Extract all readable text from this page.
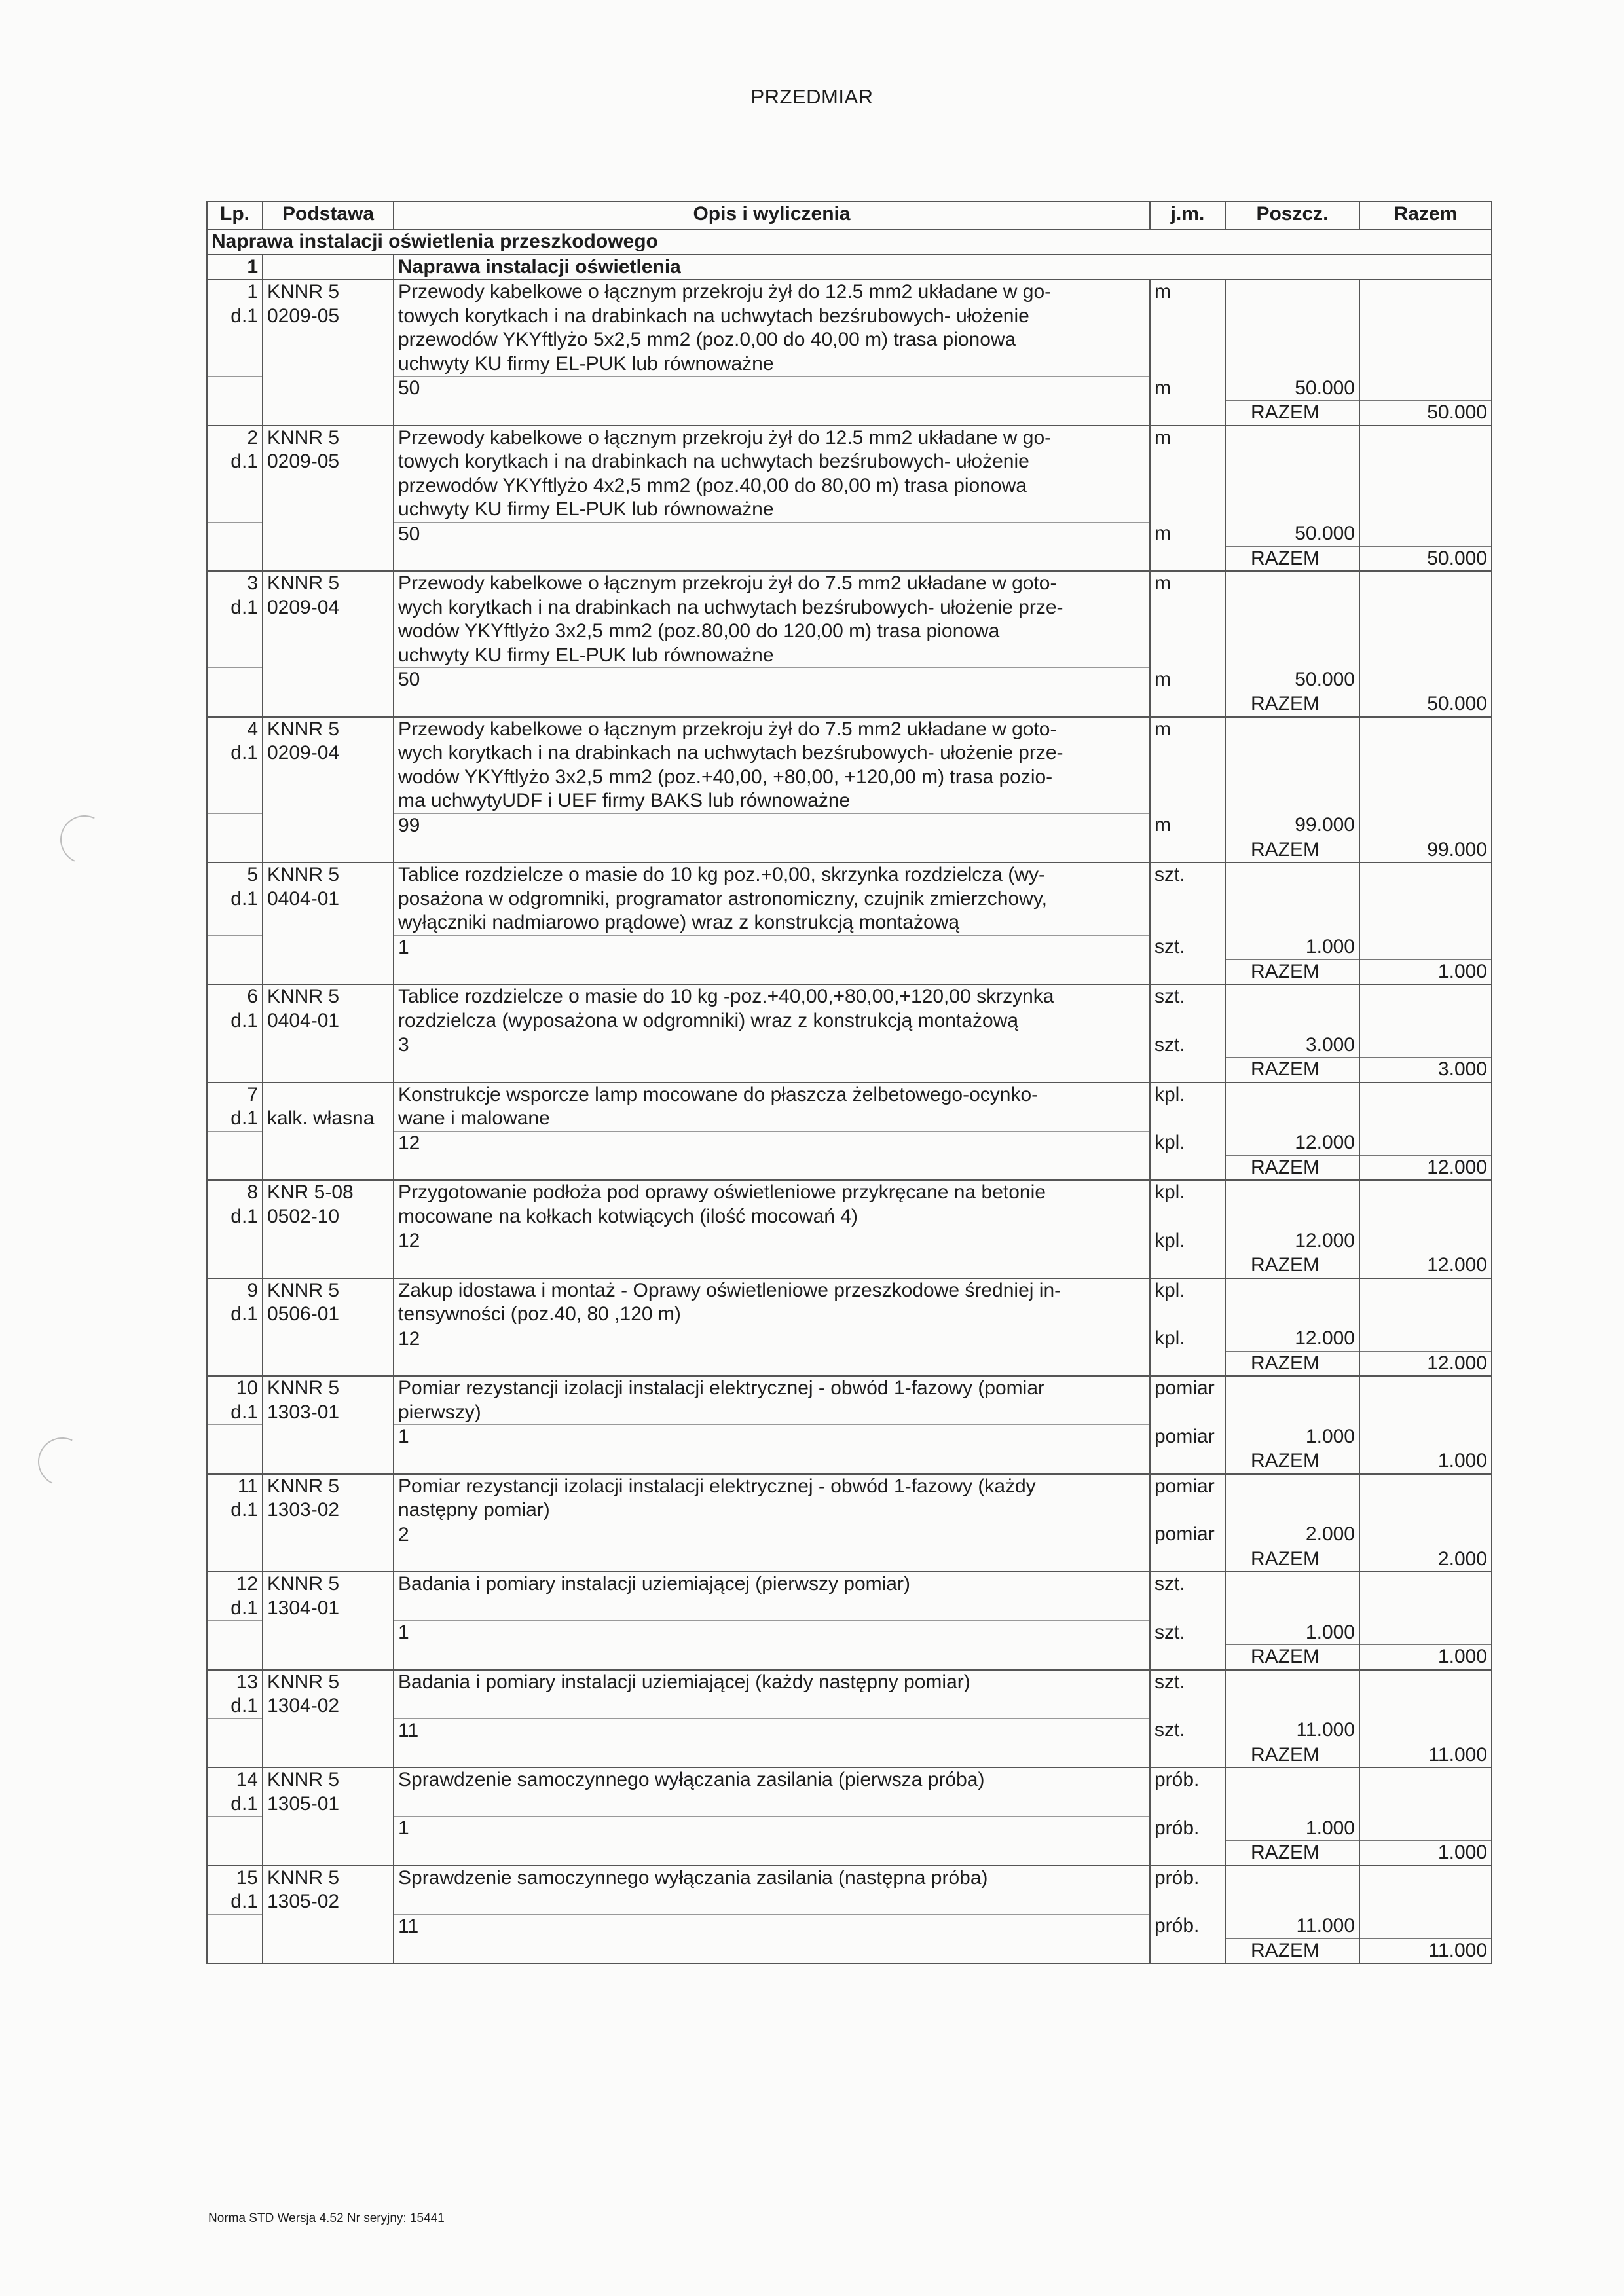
PRZEDMIAR
Lp.	Podstawa	Opis i wyliczenia	j.m.	Poszcz.	Razem
Naprawa instalacji oświetlenia przeszkodowego					
1		Naprawa instalacji oświetlenia			
1	KNNR 5	Przewody kabelkowe o łącznym przekroju żył do 12.5 mm2 układane w go-	m		
d.1	0209-05	towych korytkach i na drabinkach na uchwytach bezśrubowych- ułożenie			
		przewodów YKYftlyżo 5x2,5 mm2 (poz.0,00 do 40,00 m) trasa pionowa			
		uchwyty KU firmy EL-PUK lub równoważne			
		50	m	50.000	
				RAZEM	50.000
2	KNNR 5	Przewody kabelkowe o łącznym przekroju żył do 12.5 mm2 układane w go-	m		
d.1	0209-05	towych korytkach i na drabinkach na uchwytach bezśrubowych- ułożenie			
		przewodów YKYftlyżo 4x2,5 mm2 (poz.40,00 do 80,00 m) trasa pionowa			
		uchwyty KU firmy EL-PUK lub równoważne			
		50	m	50.000	
				RAZEM	50.000
3	KNNR 5	Przewody kabelkowe o łącznym przekroju żył do 7.5 mm2 układane w goto-	m		
d.1	0209-04	wych korytkach i na drabinkach na uchwytach bezśrubowych- ułożenie prze-			
		wodów YKYftlyżo 3x2,5 mm2 (poz.80,00 do 120,00 m) trasa pionowa			
		uchwyty KU firmy EL-PUK lub równoważne			
		50	m	50.000	
				RAZEM	50.000
4	KNNR 5	Przewody kabelkowe o łącznym przekroju żył do 7.5 mm2 układane w goto-	m		
d.1	0209-04	wych korytkach i na drabinkach na uchwytach bezśrubowych- ułożenie prze-			
		wodów YKYftlyżo 3x2,5 mm2 (poz.+40,00, +80,00, +120,00 m) trasa pozio-			
		ma uchwytyUDF i UEF firmy BAKS lub równoważne			
		99	m	99.000	
				RAZEM	99.000
5	KNNR 5	Tablice rozdzielcze o masie do 10 kg poz.+0,00, skrzynka rozdzielcza (wy-	szt.		
d.1	0404-01	posażona w odgromniki, programator astronomiczny, czujnik zmierzchowy,			
		wyłączniki nadmiarowo prądowe) wraz z konstrukcją montażową			
		1	szt.	1.000	
				RAZEM	1.000
6	KNNR 5	Tablice rozdzielcze o masie do 10 kg -poz.+40,00,+80,00,+120,00 skrzynka	szt.		
d.1	0404-01	rozdzielcza (wyposażona w odgromniki) wraz z konstrukcją montażową			
		3	szt.	3.000	
				RAZEM	3.000
7		Konstrukcje wsporcze lamp mocowane do płaszcza żelbetowego-ocynko-	kpl.		
d.1	kalk. własna	wane i malowane			
		12	kpl.	12.000	
				RAZEM	12.000
8	KNR 5-08	Przygotowanie podłoża pod oprawy oświetleniowe przykręcane na betonie	kpl.		
d.1	0502-10	mocowane na kołkach kotwiących (ilość mocowań 4)			
		12	kpl.	12.000	
				RAZEM	12.000
9	KNNR 5	Zakup idostawa i montaż - Oprawy oświetleniowe przeszkodowe średniej in-	kpl.		
d.1	0506-01	tensywności (poz.40, 80 ,120 m)			
		12	kpl.	12.000	
				RAZEM	12.000
10	KNNR 5	Pomiar rezystancji izolacji instalacji elektrycznej - obwód 1-fazowy (pomiar	pomiar		
d.1	1303-01	pierwszy)			
		1	pomiar	1.000	
				RAZEM	1.000
11	KNNR 5	Pomiar rezystancji izolacji instalacji elektrycznej - obwód 1-fazowy (każdy	pomiar		
d.1	1303-02	następny pomiar)			
		2	pomiar	2.000	
				RAZEM	2.000
12	KNNR 5	Badania i pomiary instalacji uziemiającej (pierwszy pomiar)	szt.		
d.1	1304-01				
		1	szt.	1.000	
				RAZEM	1.000
13	KNNR 5	Badania i pomiary instalacji uziemiającej (każdy następny pomiar)	szt.		
d.1	1304-02				
		11	szt.	11.000	
				RAZEM	11.000
14	KNNR 5	Sprawdzenie samoczynnego wyłączania zasilania (pierwsza próba)	prób.		
d.1	1305-01				
		1	prób.	1.000	
				RAZEM	1.000
15	KNNR 5	Sprawdzenie samoczynnego wyłączania zasilania (następna próba)	prób.		
d.1	1305-02				
		11	prób.	11.000	
				RAZEM	11.000
Norma STD Wersja 4.52 Nr seryjny: 15441
